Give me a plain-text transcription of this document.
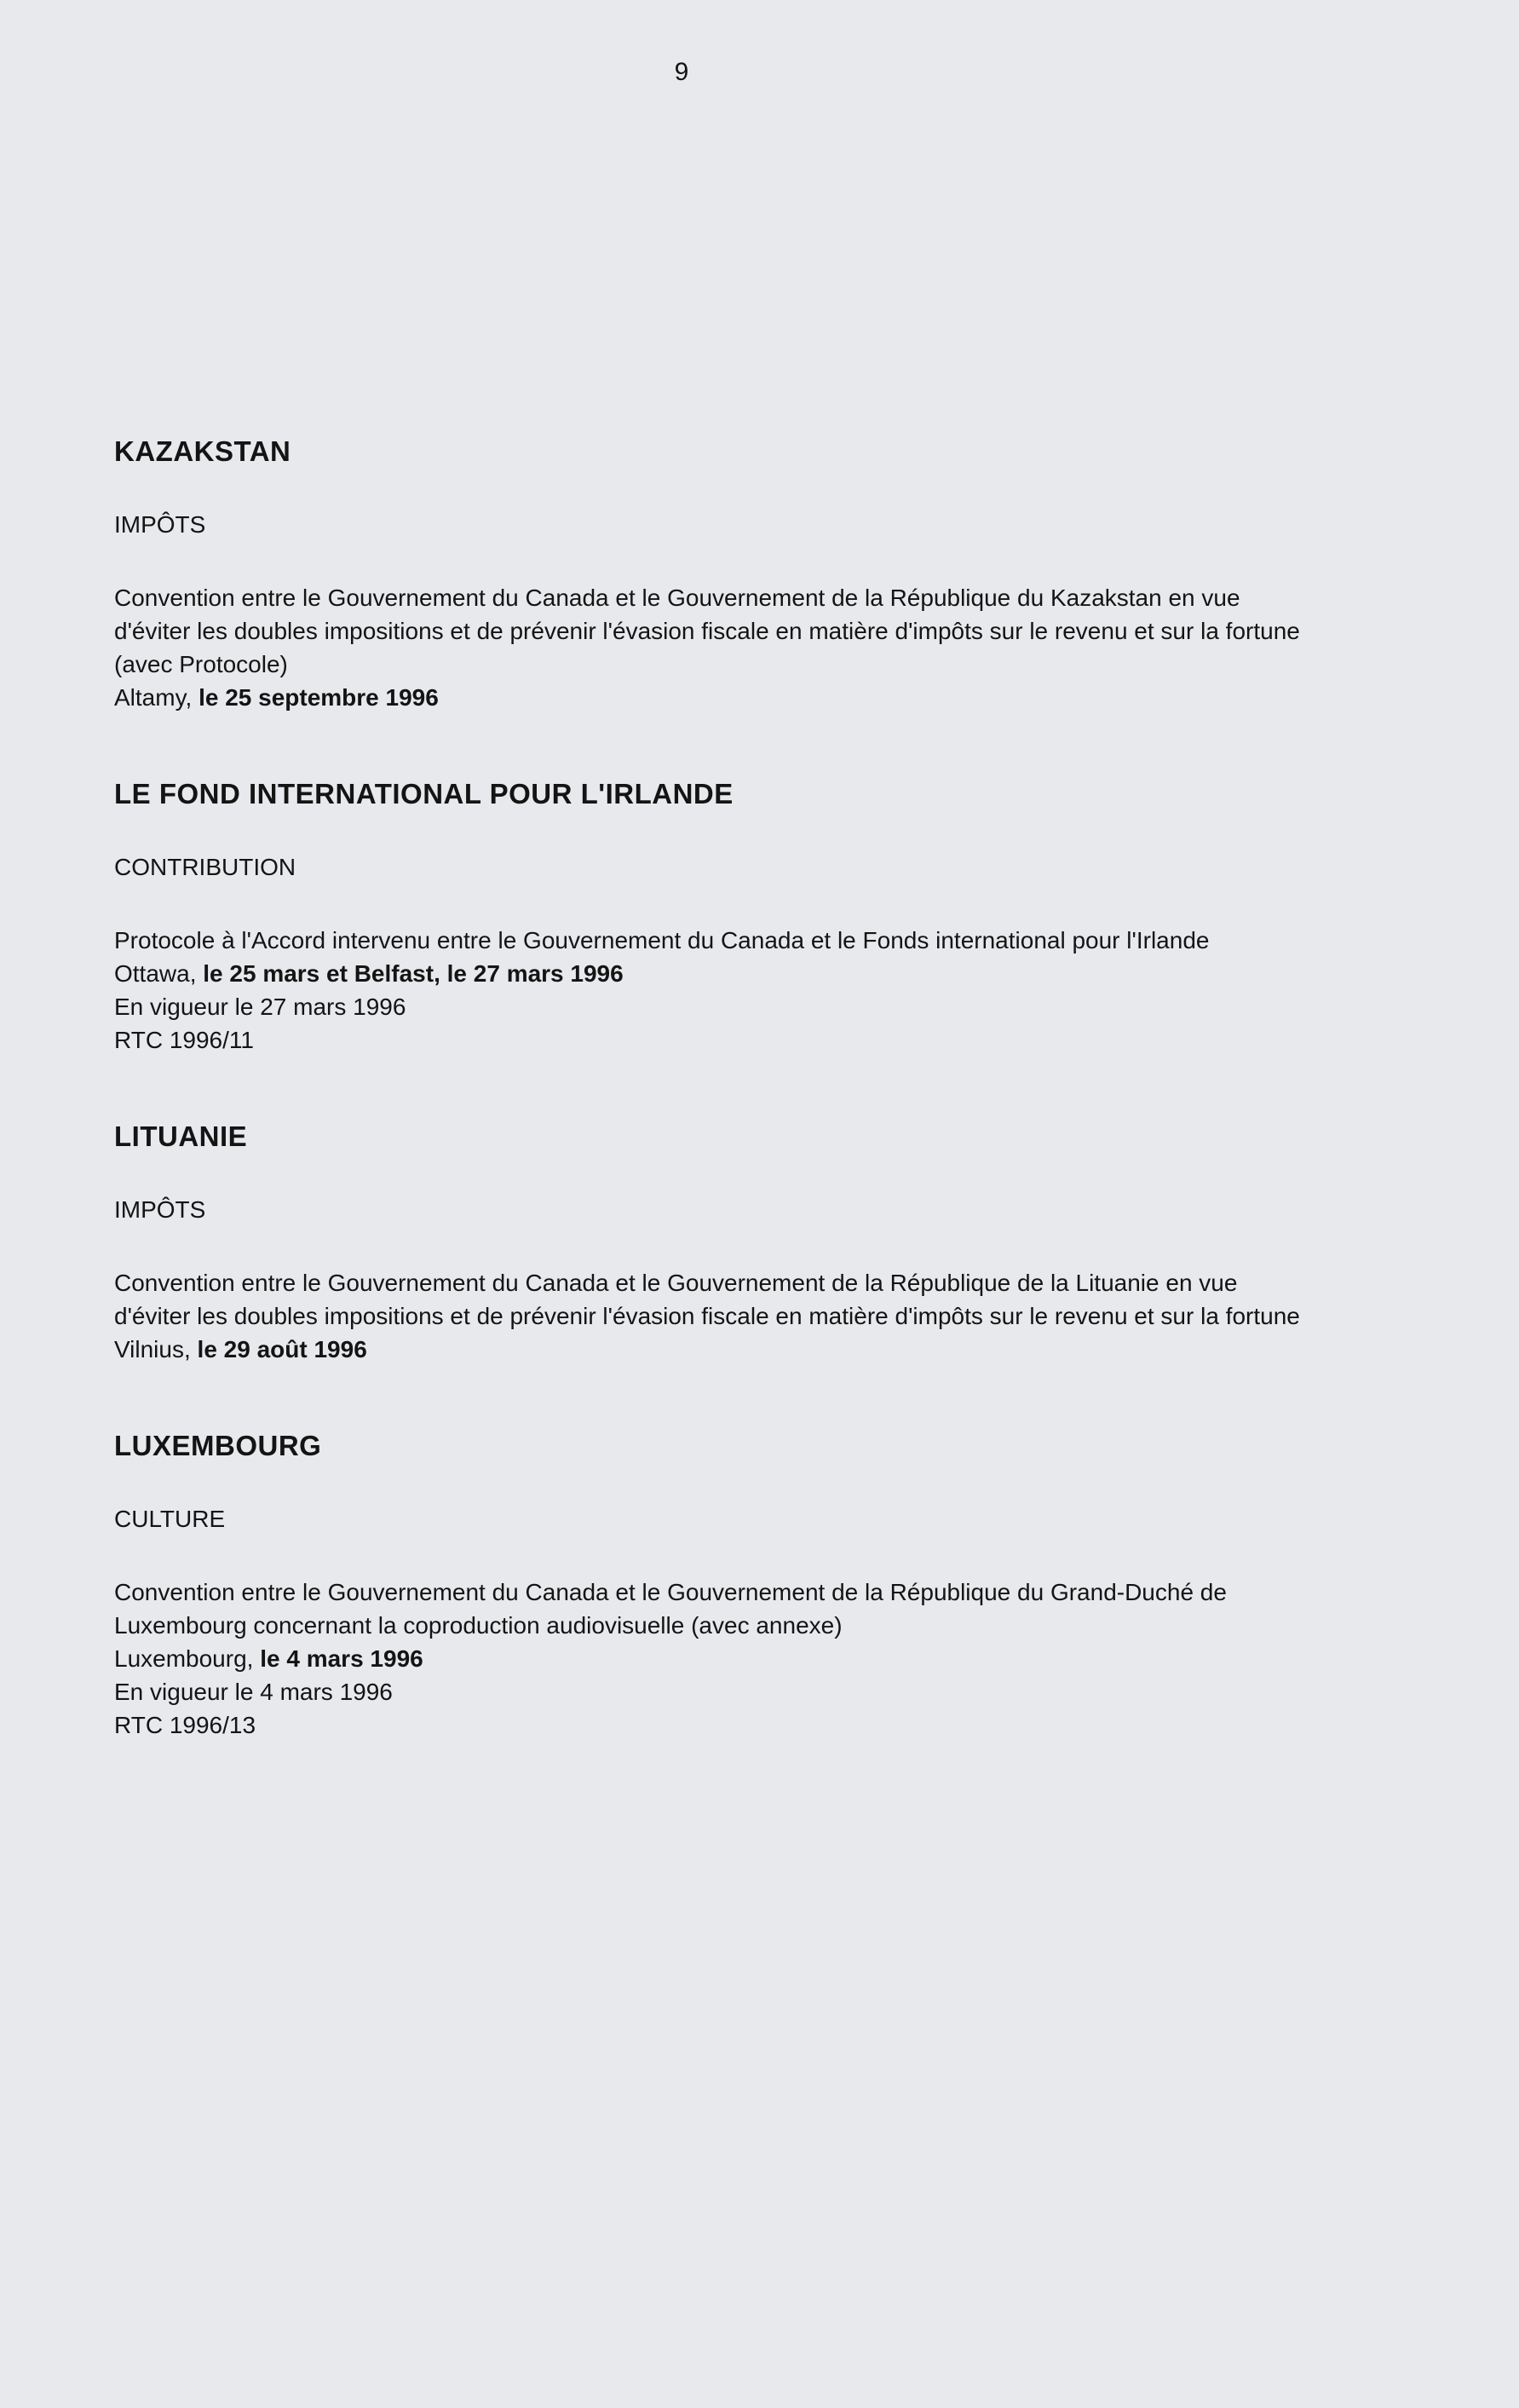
9
KAZAKSTAN
IMPÔTS
Convention entre le Gouvernement du Canada et le Gouvernement de la République du Kazakstan en vue d'éviter les doubles impositions et de prévenir l'évasion fiscale en matière d'impôts sur le revenu et sur la fortune (avec Protocole)
Altamy, le 25 septembre 1996
LE FOND INTERNATIONAL POUR L'IRLANDE
CONTRIBUTION
Protocole à l'Accord intervenu entre le Gouvernement du Canada et le Fonds international pour l'Irlande
Ottawa, le 25 mars et Belfast, le 27 mars 1996
En vigueur le 27 mars 1996
RTC 1996/11
LITUANIE
IMPÔTS
Convention entre le Gouvernement du Canada et le Gouvernement de la République de la Lituanie en vue d'éviter les doubles impositions et de prévenir l'évasion fiscale en matière d'impôts sur le revenu et sur la fortune
Vilnius, le 29 août 1996
LUXEMBOURG
CULTURE
Convention entre le Gouvernement du Canada et le Gouvernement de la République du Grand-Duché de Luxembourg concernant la coproduction audiovisuelle (avec annexe)
Luxembourg, le 4 mars 1996
En vigueur le 4 mars 1996
RTC 1996/13
